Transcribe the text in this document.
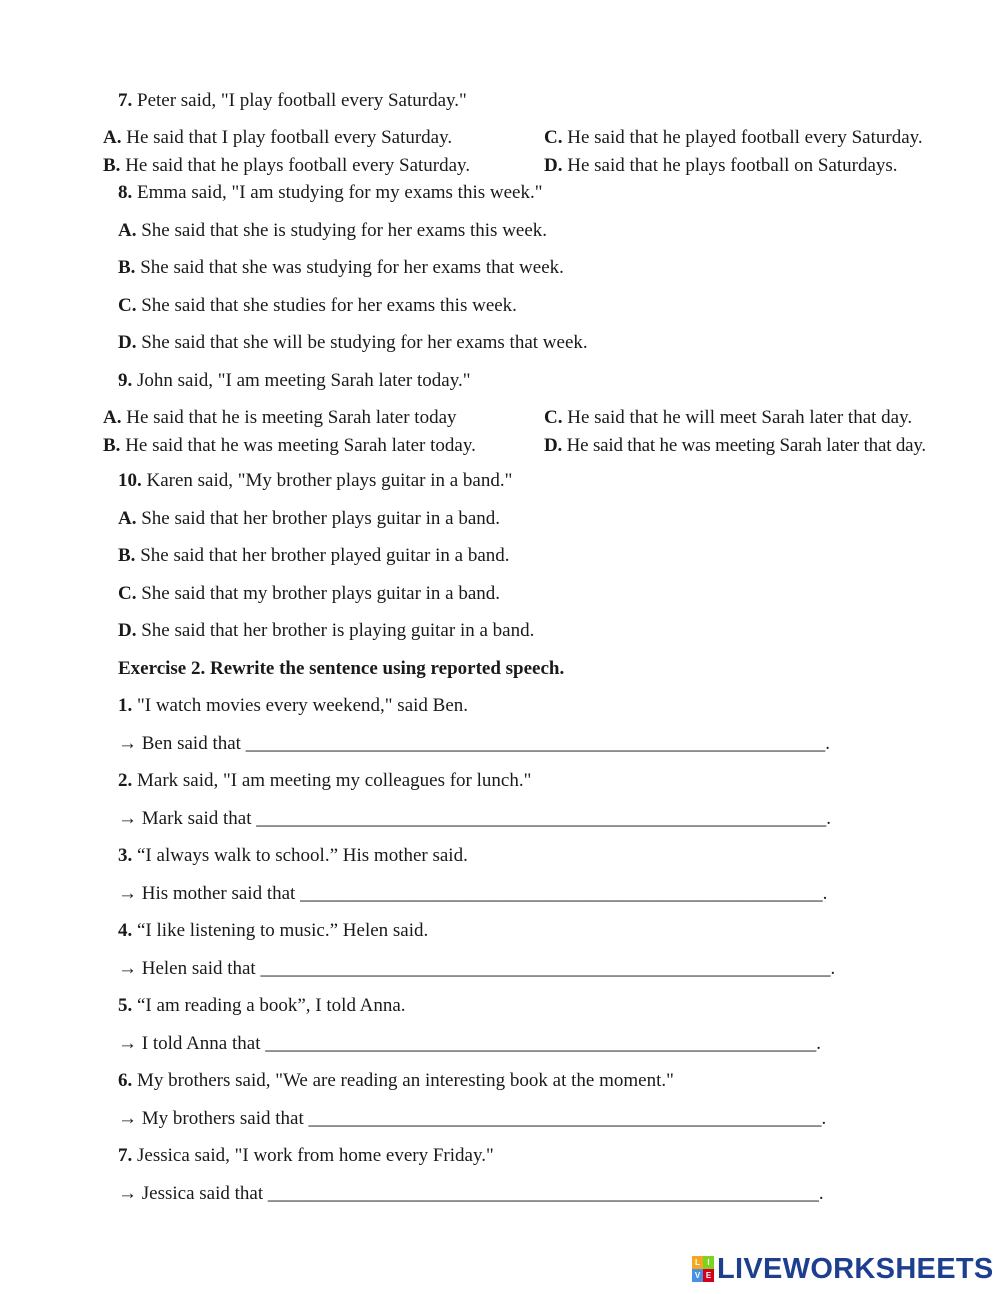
7. Peter said, "I play football every Saturday."
A. He said that I play football every Saturday.
B. He said that he plays football every Saturday.
C. He said that he played football every Saturday.
D. He said that he plays football on Saturdays.
8. Emma said, "I am studying for my exams this week."
A. She said that she is studying for her exams this week.
B. She said that she was studying for her exams that week.
C. She said that she studies for her exams this week.
D. She said that she will be studying for her exams that week.
9. John said, "I am meeting Sarah later today."
A. He said that he is meeting Sarah later today
B. He said that he was meeting Sarah later today.
C. He said that he will meet Sarah later that day.
D. He said that he was meeting Sarah later that day.
10. Karen said, "My brother plays guitar in a band."
A. She said that her brother plays guitar in a band.
B. She said that her brother played guitar in a band.
C. She said that my brother plays guitar in a band.
D. She said that her brother is playing guitar in a band.
Exercise 2. Rewrite the sentence using reported speech.
1. "I watch movies every weekend," said Ben.
→ Ben said that _____________________________________________________________.
2. Mark said, "I am meeting my colleagues for lunch."
→ Mark said that ____________________________________________________________.
3. “I always walk to school.” His mother said.
→ His mother said that _______________________________________________________.
4. “I like listening to music.” Helen said.
→ Helen said that ____________________________________________________________.
5. “I am reading a book”, I told Anna.
→ I told Anna that __________________________________________________________.
6. My brothers said, "We are reading an interesting book at the moment."
→ My brothers said that ______________________________________________________.
7. Jessica said, "I work from home every Friday."
→ Jessica said that __________________________________________________________.
L I
V E LIVEWORKSHEETS
